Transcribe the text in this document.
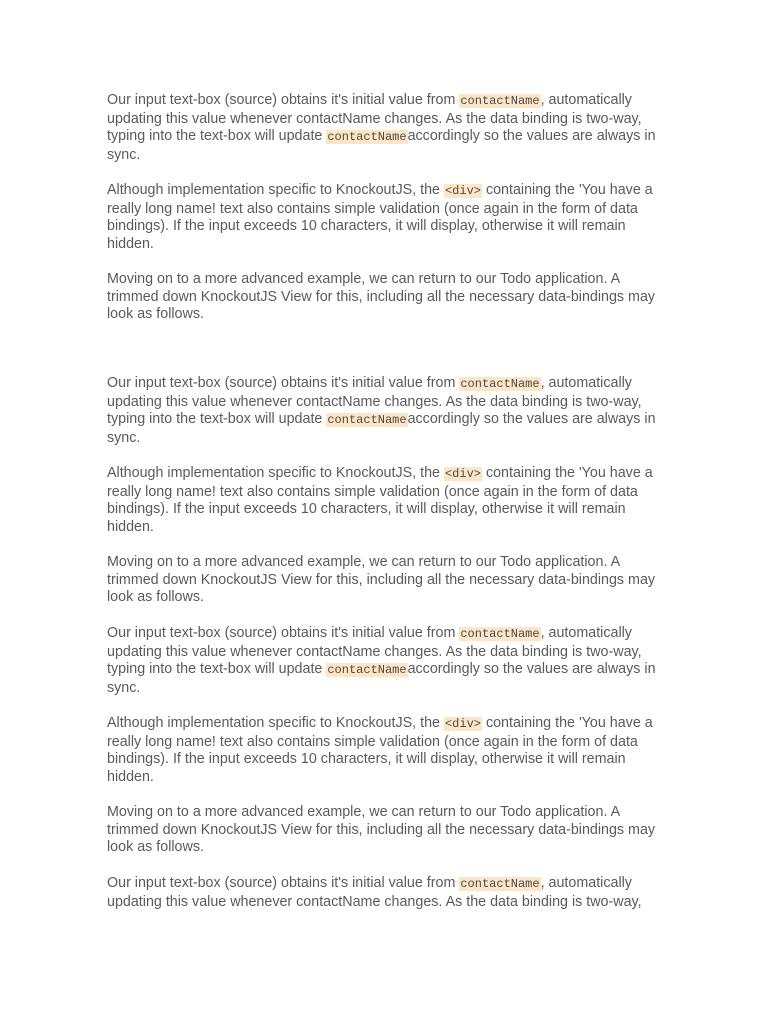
Our input text-box (source) obtains it's initial value from contactName, automatically updating this value whenever contactName changes. As the data binding is two-way, typing into the text-box will update contactNameaccordingly so the values are always in sync.

Although implementation specific to KnockoutJS, the <div> containing the 'You have a really long name! text also contains simple validation (once again in the form of data bindings). If the input exceeds 10 characters, it will display, otherwise it will remain hidden.

Moving on to a more advanced example, we can return to our Todo application. A trimmed down KnockoutJS View for this, including all the necessary data-bindings may look as follows.

Our input text-box (source) obtains it's initial value from contactName, automatically updating this value whenever contactName changes. As the data binding is two-way, typing into the text-box will update contactNameaccordingly so the values are always in sync.

Although implementation specific to KnockoutJS, the <div> containing the 'You have a really long name! text also contains simple validation (once again in the form of data bindings). If the input exceeds 10 characters, it will display, otherwise it will remain hidden.

Moving on to a more advanced example, we can return to our Todo application. A trimmed down KnockoutJS View for this, including all the necessary data-bindings may look as follows.

Our input text-box (source) obtains it's initial value from contactName, automatically updating this value whenever contactName changes. As the data binding is two-way, typing into the text-box will update contactNameaccordingly so the values are always in sync.

Although implementation specific to KnockoutJS, the <div> containing the 'You have a really long name! text also contains simple validation (once again in the form of data bindings). If the input exceeds 10 characters, it will display, otherwise it will remain hidden.

Moving on to a more advanced example, we can return to our Todo application. A trimmed down KnockoutJS View for this, including all the necessary data-bindings may look as follows.

Our input text-box (source) obtains it's initial value from contactName, automatically updating this value whenever contactName changes. As the data binding is two-way,
